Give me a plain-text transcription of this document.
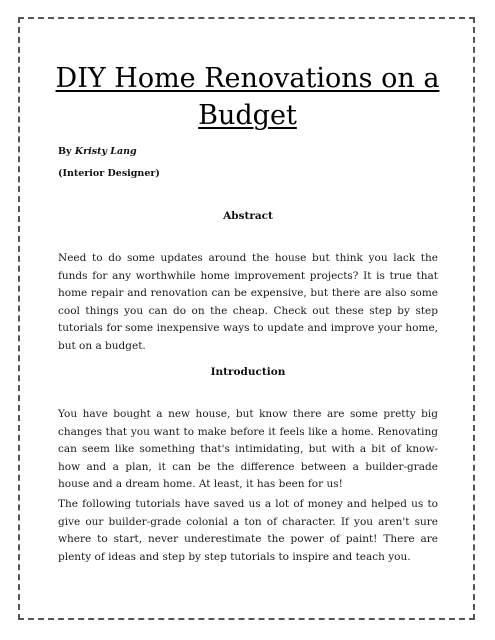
DIY Home Renovations on a Budget
By Kristy Lang
(Interior Designer)
Abstract

Need to do some updates around the house but think you lack the funds for any worthwhile home improvement projects? It is true that home repair and renovation can be expensive, but there are also some cool things you can do on the cheap. Check out these step by step tutorials for some inexpensive ways to update and improve your home, but on a budget.

Introduction

You have bought a new house, but know there are some pretty big changes that you want to make before it feels like a home. Renovating can seem like something that's intimidating, but with a bit of know-how and a plan, it can be the difference between a builder-grade house and a dream home. At least, it has been for us!

The following tutorials have saved us a lot of money and helped us to give our builder-grade colonial a ton of character. If you aren't sure where to start, never underestimate the power of paint! There are plenty of ideas and step by step tutorials to inspire and teach you.
